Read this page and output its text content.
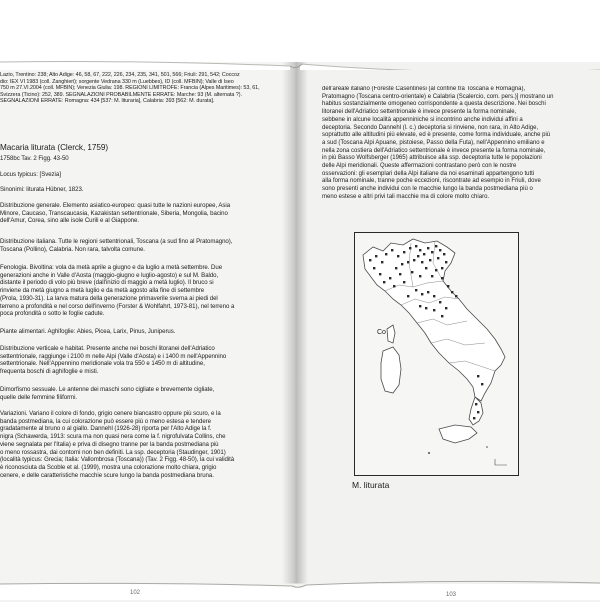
Lazio, Trentino: 238; Alto Adige: 46, 58, 67, 222, 226, 234, 235, 341, 501, 566; Friuli: 291, 542; Coccoz
dio: IEX VI 1983 (coll. Zanghieri); sorgente Vedrana 330 m (Luebbes), ID (coll. MFBIN); Valle di Iseo
750 m 27.VI.2004 (coll. MFBIN); Venezia Giulia: 198. REGIONI LIMITROFE: Francia (Alpes Maritimes): 53, 61,
Svizzera (Ticino): 252, 389. SEGNALAZIONI PROBABILMENTE ERRATE: Marche: 93 (M. alternata ?).
SEGNALAZIONI ERRATE: Romagna: 434 [537: M. lituraria], Calabria: 393 [562: M. durata].
Macaria liturata (Clerck, 1759)
1758bc Tav. 2 Figg. 43-50
Locus typicus: [Svezia]
Sinonimi: liturata Hübner, 1823.
Distribuzione generale. Elemento asiatico-europeo: quasi tutte le nazioni europee, Asia
Minore, Caucaso, Transcaucasia, Kazakistan settentrionale, Siberia, Mongolia, bacino
dell'Amur, Corea, sino alle isole Curili e al Giappone.
Distribuzione italiana. Tutte le regioni settentrionali, Toscana (a sud fino al Pratomagno),
Toscana (Pollino), Calabria. Non rara, talvolta comune.
Fenologia. Bivoltina: vola da metà aprile a giugno e da luglio a metà settembre. Due
generazioni anche in Valle d'Aosta (maggio-giugno e luglio-agosto) e sul M. Baldo,
distante il periodo di volo più breve (dall'inizio di maggio a metà luglio). Il bruco si
rinviene da metà giugno a metà luglio e da metà agosto alla fine di settembre
(Prola, 1930-31). La larva matura della generazione primaverile sverna ai piedi del
terreno a profondità e nel corso dell'inverno (Forster & Wohlfahrt, 1973-81), nel terreno a
poca profondità o sotto le foglie cadute.
Piante alimentari. Aghifoglie: Abies, Picea, Larix, Pinus, Juniperus.
Distribuzione verticale e habitat. Presente anche nei boschi litoranei dell'Adriatico
settentrionale, raggiunge i 2100 m nelle Alpi (Valle d'Aosta) e i 1400 m nell'Appennino
settentrionale. Nell'Appennino meridionale vola tra 550 e 1450 m di altitudine,
frequenta boschi di aghifoglie e misti.
Dimorfismo sessuale. Le antenne dei maschi sono cigliate e brevemente cigliate,
quelle delle femmine filiformi.
Variazioni. Variano il colore di fondo, grigio cenere biancastro oppure più scuro, e la
banda postmediana, la cui colorazione può essere più o meno estesa e tendere
gradatamente al bruno o al giallo. Dannehl (1926-28) riporta per l'Alto Adige la f.
nigra (Schawerda, 1913: scura ma non quasi nera come la f. nigrofulvata Collins, che
viene segnalata per l'Italia) e priva di disegno tranne per la banda postmediana più
o meno rossastra, dai contorni non ben definiti. La ssp. deceptoria (Staudinger, 1901)
(località typicus: Grecia; Italia: Vallombrosa (Toscana)) (Tav. 2 Figg. 48-50), la cui validità
è riconosciuta da Scoble et al. (1999), mostra una colorazione molto chiara, grigio
cenere, e delle caratteristiche macchie scure lungo la banda postmediana bruna.
102
dell'areale italiano (Foreste Casentinesi (al confine tra Toscana e Romagna),
Pratomagno (Toscana centro-orientale) e Calabria (Scalercio, com. pers.)] mostrano un
habitus sostanzialmente omogeneo corrispondente a questa descrizione. Nei boschi
litoranei dell'Adriatico settentrionale è invece presente la forma nominale,
sebbene in alcune località appenniniche si incontrino anche individui affini a
deceptoria. Secondo Dannehl (l. c.) deceptoria si rinviene, non rara, in Alto Adige,
soprattutto alle altitudini più elevate, ed è presente, come forma individuale, anche più
a sud (Toscana Alpi Apuane, pistoiese, Passo della Futa), nell'Appennino emiliano e
nella zona costiera dell'Adriatico settentrionale è invece presente la forma nominale,
in più Basso Wolfsberger (1965) attribuisce alla ssp. deceptoria tutte le popolazioni
delle Alpi meridionali. Queste affermazioni contrastano però con le nostre
osservazioni: gli esemplari della Alpi italiane da noi esaminati appartengono tutti
alla forma nominale, tranne poche eccezioni, riscontrate ad esempio in Friuli, dove
sono presenti anche individui con le macchie lungo la banda postmediana più o
meno estese e altri privi tali macchie ma di colore molto chiaro.
Co
M. liturata
103
